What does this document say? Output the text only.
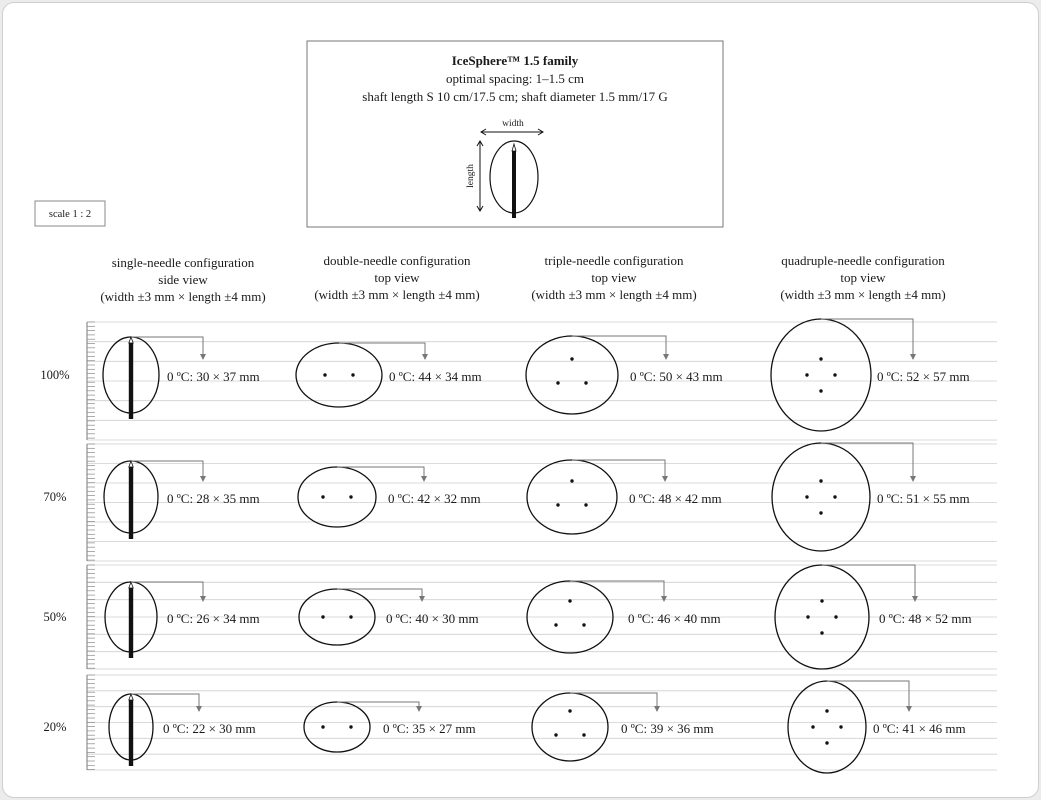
IceSphere™ 1.5 family
optimal spacing: 1–1.5 cm
shaft length S 10 cm/17.5 cm; shaft diameter 1.5 mm/17 G
width
length
scale 1 : 2
single-needle configuration
side view
(width ±3 mm × length ±4 mm)
double-needle configuration
top view
(width ±3 mm × length ±4 mm)
triple-needle configuration
top view
(width ±3 mm × length ±4 mm)
quadruple-needle configuration
top view
(width ±3 mm × length ±4 mm)
100%	0 ºC: 30 × 37 mm	0 ºC: 44 × 34 mm	0 ºC: 50 × 43 mm	0 ºC: 52 × 57 mm
70%	0 ºC: 28 × 35 mm	0 ºC: 42 × 32 mm	0 ºC: 48 × 42 mm	0 ºC: 51 × 55 mm
50%	0 ºC: 26 × 34 mm	0 ºC: 40 × 30 mm	0 ºC: 46 × 40 mm	0 ºC: 48 × 52 mm
20%	0 ºC: 22 × 30 mm	0 ºC: 35 × 27 mm	0 ºC: 39 × 36 mm	0 ºC: 41 × 46 mm
